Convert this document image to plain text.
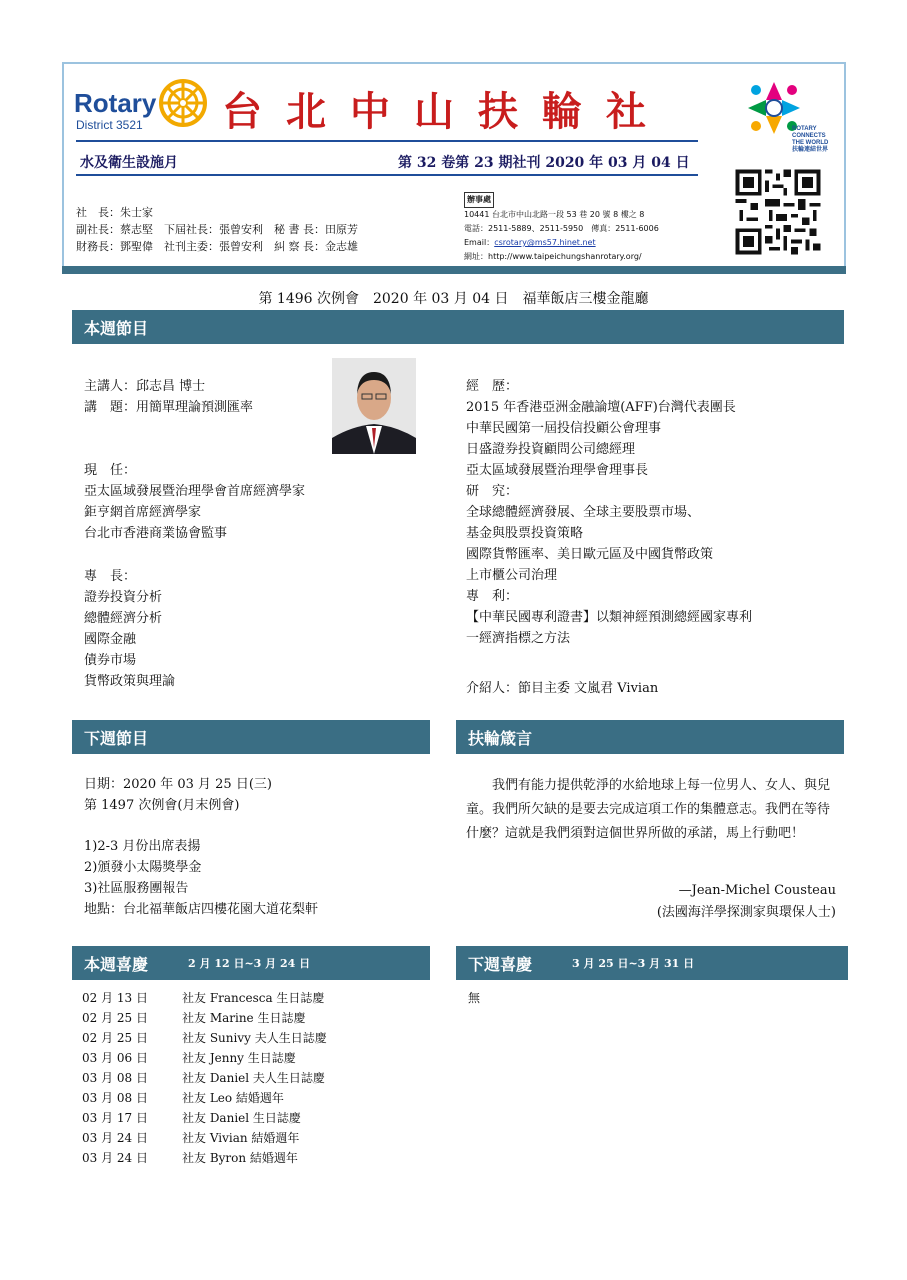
Rotary
District 3521 台北中山扶輪社
水及衛生設施月	第 32 卷第 23 期社刊 2020 年 03 月 04 日
社　長：朱士家
副社長：蔡志堅　下屆社長：張曾安利　秘 書 長：田原芳
財務長：鄧聖偉　社刊主委：張曾安利　糾 察 長：金志雄
辦事處
10441 台北市中山北路一段 53 巷 20 號 8 樓之 8
電話：2511-5889、2511-5950　傳真：2511-6006
Email：csrotary@ms57.hinet.net
網址：http://www.taipeichungshanrotary.org/
ROTARY
CONNECTS
THE WORLD
扶輪連結世界
第 1496 次例會　2020 年 03 月 04 日　福華飯店三樓金龍廳
本週節目
主講人：邱志昌 博士
講　題：用簡單理論預測匯率
現　任：
亞太區域發展暨治理學會首席經濟學家
鉅亨網首席經濟學家
台北市香港商業協會監事
專　長：
證券投資分析
總體經濟分析
國際金融
債券市場
貨幣政策與理論
經　歷：
2015 年香港亞洲金融論壇(AFF)台灣代表團長
中華民國第一屆投信投顧公會理事
日盛證券投資顧問公司總經理
亞太區域發展暨治理學會理事長
研　究：
全球總體經濟發展、全球主要股票市場、
基金與股票投資策略
國際貨幣匯率、美日歐元區及中國貨幣政策
上市櫃公司治理
專　利：
【中華民國專利證書】以類神經預測總經國家專利
一經濟指標之方法
介紹人：節目主委 文嵐君 Vivian
下週節目
日期：2020 年 03 月 25 日(三)
第 1497 次例會(月末例會)
1)2-3 月份出席表揚
2)頒發小太陽獎學金
3)社區服務團報告
地點：台北福華飯店四樓花園大道花梨軒
扶輪箴言
我們有能力提供乾淨的水給地球上每一位男人、女人、與兒童。我們所欠缺的是要去完成這項工作的集體意志。我們在等待什麼？這就是我們須對這個世界所做的承諾，馬上行動吧！
—Jean-Michel Cousteau
(法國海洋學探測家與環保人士)
本週喜慶	2 月 12 日~3 月 24 日
02 月 13 日	社友 Francesca 生日誌慶
02 月 25 日	社友 Marine 生日誌慶
02 月 25 日	社友 Sunivy 夫人生日誌慶
03 月 06 日	社友 Jenny 生日誌慶
03 月 08 日	社友 Daniel 夫人生日誌慶
03 月 08 日	社友 Leo 結婚週年
03 月 17 日	社友 Daniel 生日誌慶
03 月 24 日	社友 Vivian 結婚週年
03 月 24 日	社友 Byron 結婚週年
下週喜慶	3 月 25 日~3 月 31 日
無
